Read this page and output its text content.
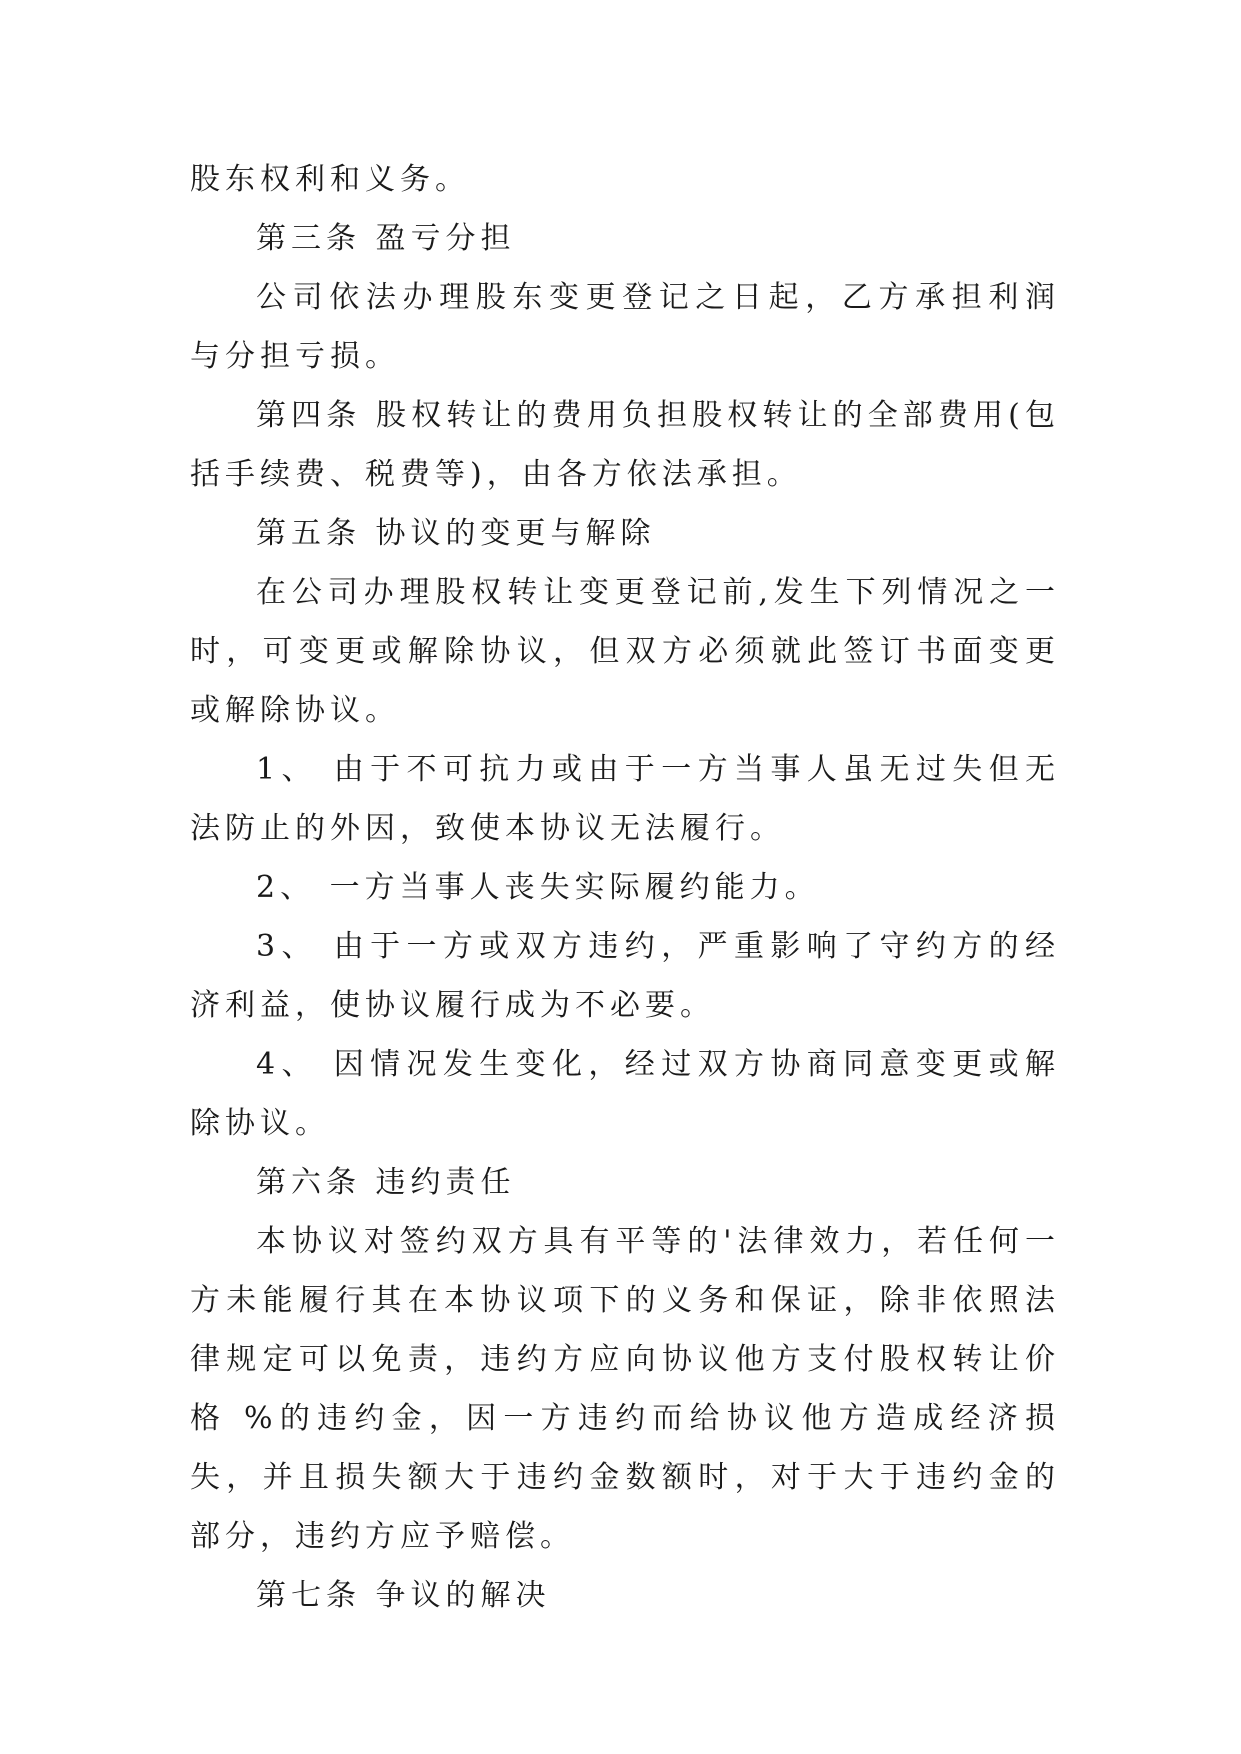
股东权利和义务。

第三条 盈亏分担

公司依法办理股东变更登记之日起，乙方承担利润与分担亏损。

第四条 股权转让的费用负担股权转让的全部费用(包括手续费、税费等)，由各方依法承担。

第五条 协议的变更与解除

在公司办理股权转让变更登记前,发生下列情况之一时，可变更或解除协议，但双方必须就此签订书面变更或解除协议。

1、 由于不可抗力或由于一方当事人虽无过失但无法防止的外因，致使本协议无法履行。

2、 一方当事人丧失实际履约能力。

3、 由于一方或双方违约，严重影响了守约方的经济利益，使协议履行成为不必要。

4、 因情况发生变化，经过双方协商同意变更或解除协议。

第六条 违约责任

本协议对签约双方具有平等的'法律效力，若任何一方未能履行其在本协议项下的义务和保证，除非依照法律规定可以免责，违约方应向协议他方支付股权转让价格 %的违约金，因一方违约而给协议他方造成经济损失，并且损失额大于违约金数额时，对于大于违约金的部分，违约方应予赔偿。

第七条 争议的解决
